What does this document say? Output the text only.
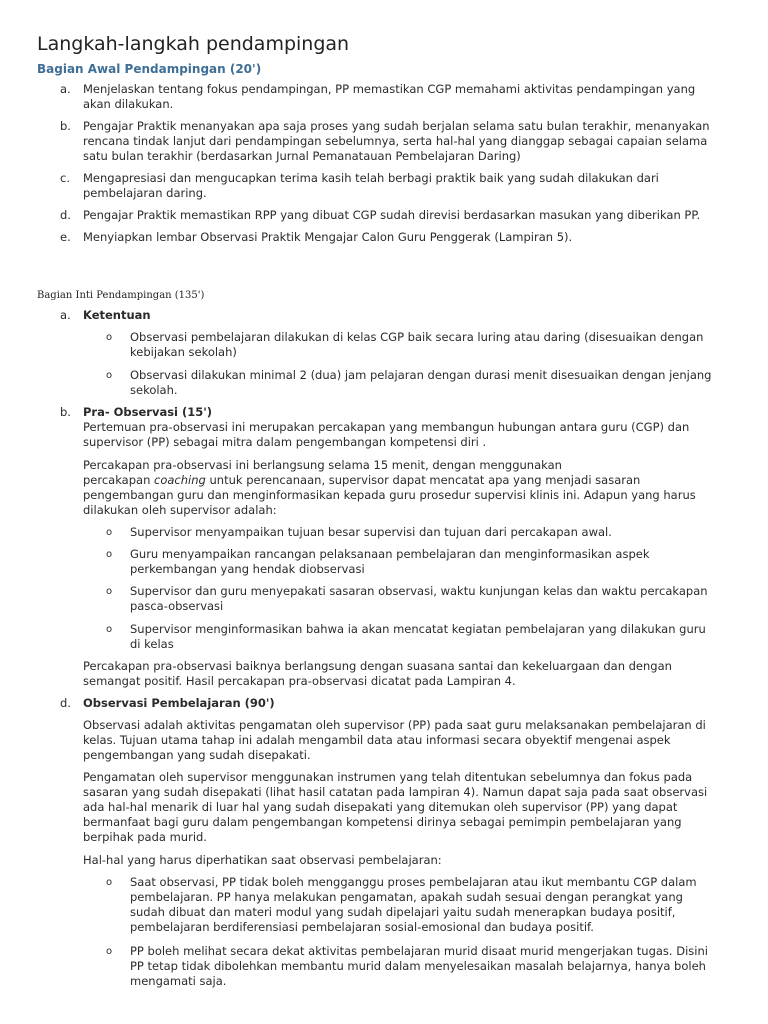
Langkah-langkah pendampingan
Bagian Awal Pendampingan (20')
a. Menjelaskan tentang fokus pendampingan, PP memastikan CGP memahami aktivitas pendampingan yang
akan dilakukan.
b. Pengajar Praktik menanyakan apa saja proses yang sudah berjalan selama satu bulan terakhir, menanyakan
rencana tindak lanjut dari pendampingan sebelumnya, serta hal-hal yang dianggap sebagai capaian selama
satu bulan terakhir (berdasarkan Jurnal Pemanatauan Pembelajaran Daring)
c. Mengapresiasi dan mengucapkan terima kasih telah berbagi praktik baik yang sudah dilakukan dari
pembelajaran daring.
d. Pengajar Praktik memastikan RPP yang dibuat CGP sudah direvisi berdasarkan masukan yang diberikan PP.
e. Menyiapkan lembar Observasi Praktik Mengajar Calon Guru Penggerak (Lampiran 5).
Bagian Inti Pendampingan (135')
a. Ketentuan
o Observasi pembelajaran dilakukan di kelas CGP baik secara luring atau daring (disesuaikan dengan
kebijakan sekolah)
o Observasi dilakukan minimal 2 (dua) jam pelajaran dengan durasi menit disesuaikan dengan jenjang
sekolah.
b. Pra- Observasi (15')
Pertemuan pra-observasi ini merupakan percakapan yang membangun hubungan antara guru (CGP) dan
supervisor (PP) sebagai mitra dalam pengembangan kompetensi diri .
Percakapan pra-observasi ini berlangsung selama 15 menit, dengan menggunakan
percakapan coaching untuk perencanaan, supervisor dapat mencatat apa yang menjadi sasaran
pengembangan guru dan menginformasikan kepada guru prosedur supervisi klinis ini. Adapun yang harus
dilakukan oleh supervisor adalah:
o Supervisor menyampaikan tujuan besar supervisi dan tujuan dari percakapan awal.
o Guru menyampaikan rancangan pelaksanaan pembelajaran dan menginformasikan aspek
perkembangan yang hendak diobservasi
o Supervisor dan guru menyepakati sasaran observasi, waktu kunjungan kelas dan waktu percakapan
pasca-observasi
o Supervisor menginformasikan bahwa ia akan mencatat kegiatan pembelajaran yang dilakukan guru
di kelas
Percakapan pra-observasi baiknya berlangsung dengan suasana santai dan kekeluargaan dan dengan
semangat positif. Hasil percakapan pra-observasi dicatat pada Lampiran 4.
d. Observasi Pembelajaran (90')
Observasi adalah aktivitas pengamatan oleh supervisor (PP) pada saat guru melaksanakan pembelajaran di
kelas. Tujuan utama tahap ini adalah mengambil data atau informasi secara obyektif mengenai aspek
pengembangan yang sudah disepakati.
Pengamatan oleh supervisor menggunakan instrumen yang telah ditentukan sebelumnya dan fokus pada
sasaran yang sudah disepakati (lihat hasil catatan pada lampiran 4). Namun dapat saja pada saat observasi
ada hal-hal menarik di luar hal yang sudah disepakati yang ditemukan oleh supervisor (PP) yang dapat
bermanfaat bagi guru dalam pengembangan kompetensi dirinya sebagai pemimpin pembelajaran yang
berpihak pada murid.
Hal-hal yang harus diperhatikan saat observasi pembelajaran:
o Saat observasi, PP tidak boleh mengganggu proses pembelajaran atau ikut membantu CGP dalam
pembelajaran. PP hanya melakukan pengamatan, apakah sudah sesuai dengan perangkat yang
sudah dibuat dan materi modul yang sudah dipelajari yaitu sudah menerapkan budaya positif,
pembelajaran berdiferensiasi pembelajaran sosial-emosional dan budaya positif.
o PP boleh melihat secara dekat aktivitas pembelajaran murid disaat murid mengerjakan tugas. Disini
PP tetap tidak dibolehkan membantu murid dalam menyelesaikan masalah belajarnya, hanya boleh
mengamati saja.
